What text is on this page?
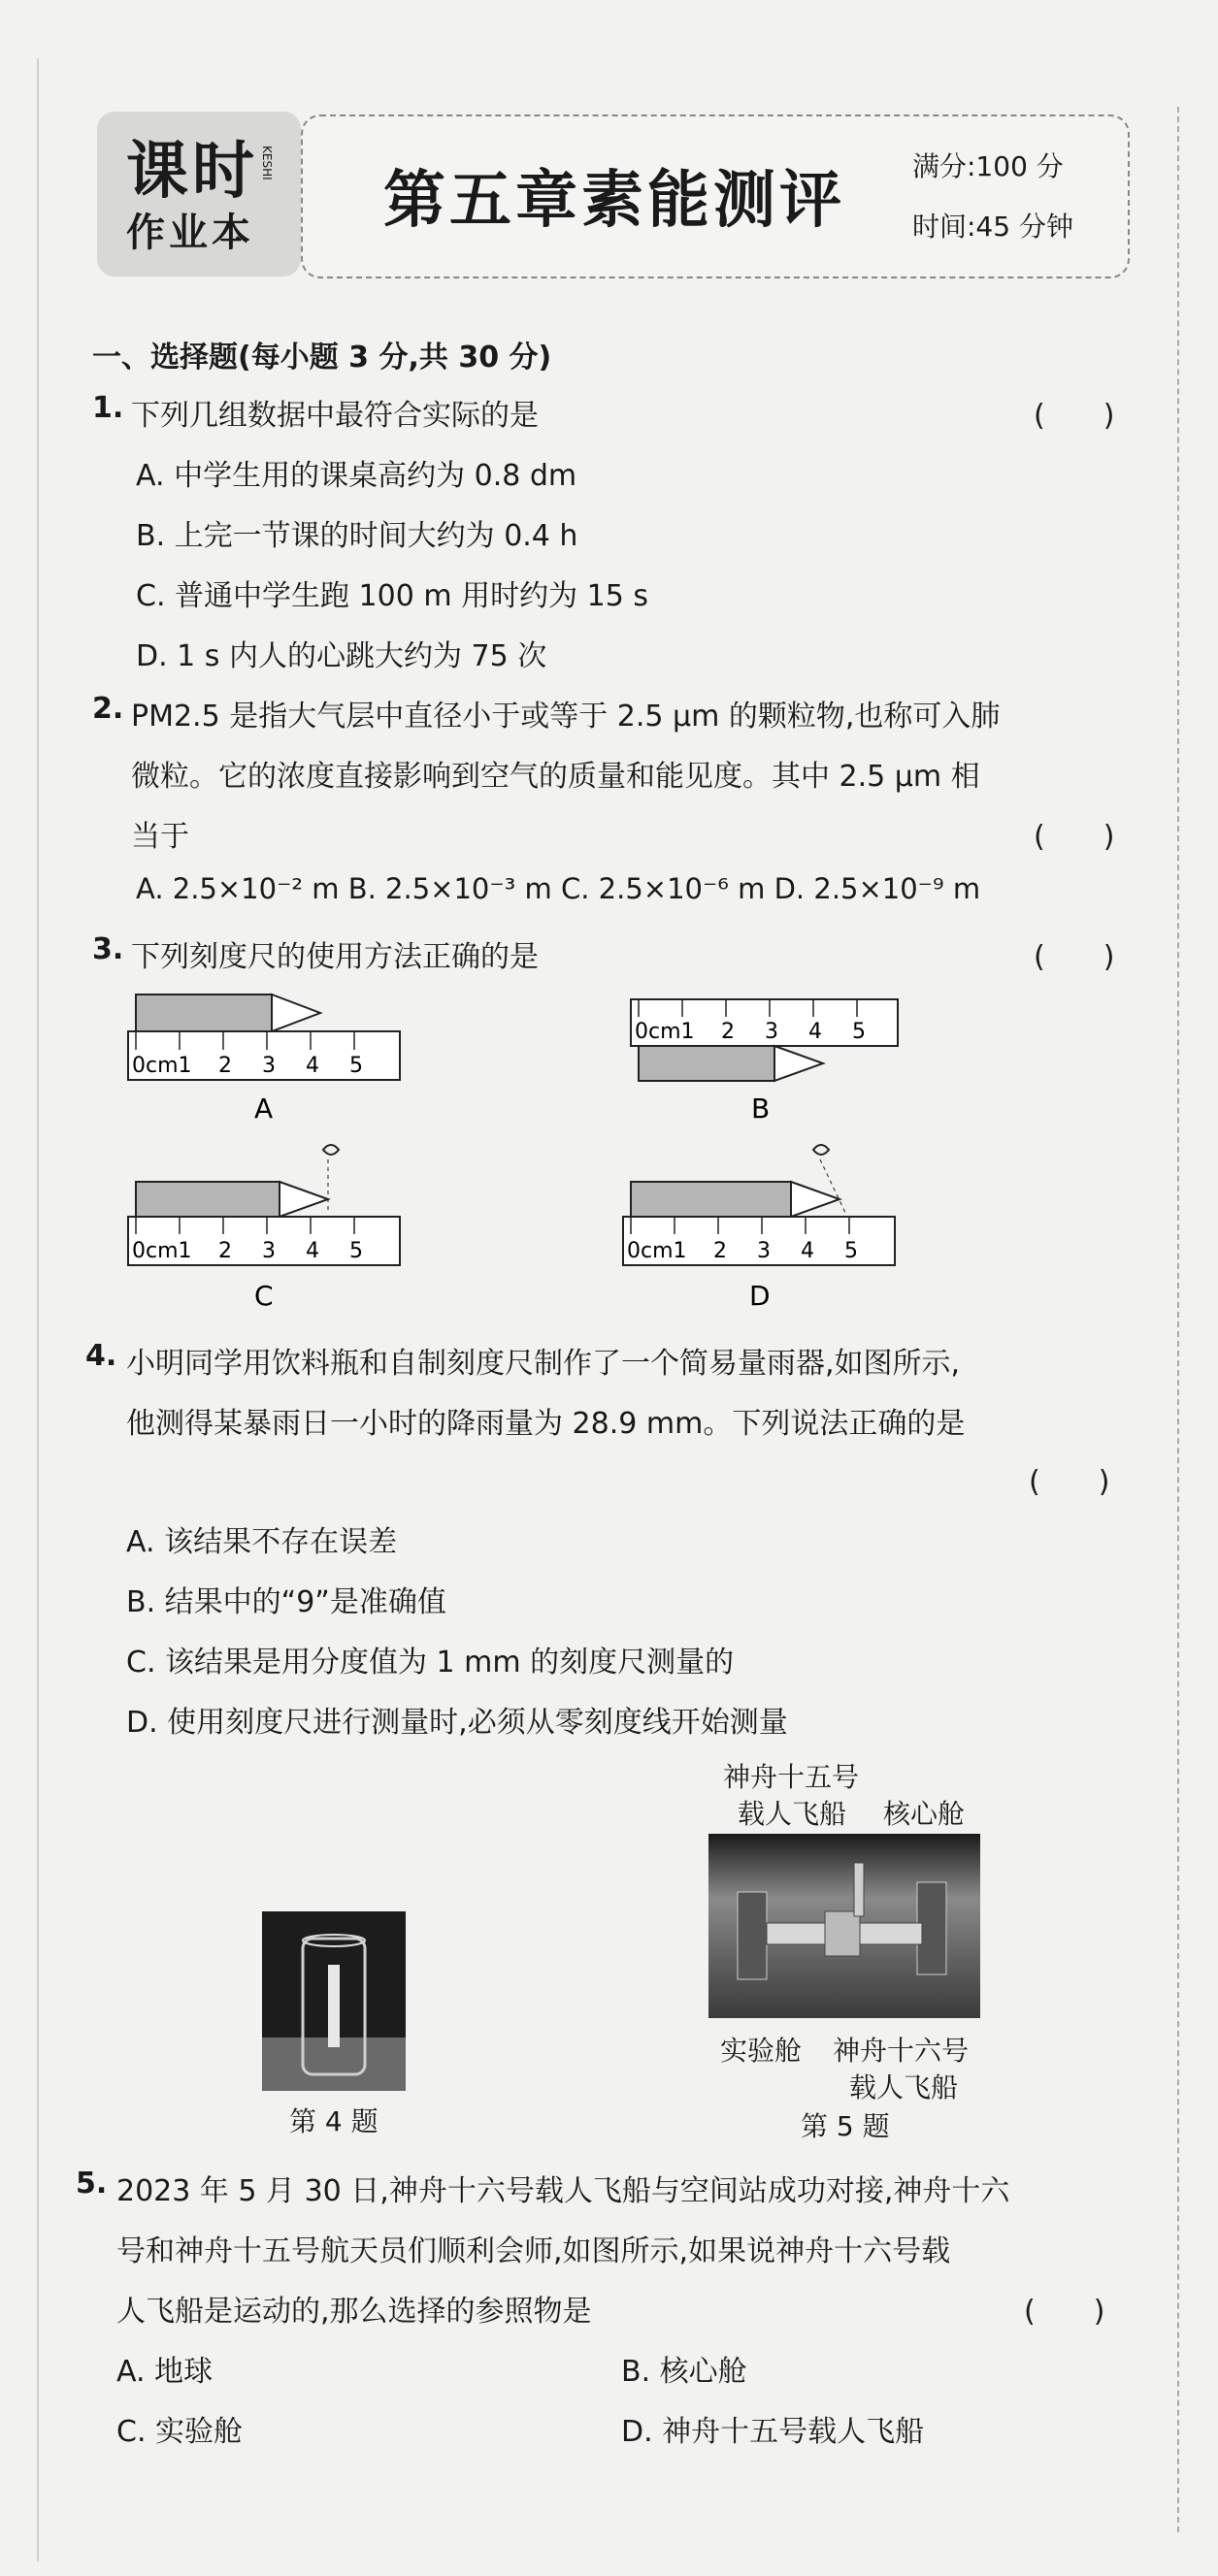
课时
作业本
KESHI
第五章素能测评 满分:100 分
时间:45 分钟
一、选择题(每小题 3 分,共 30 分)
1. 下列几组数据中最符合实际的是	(　　)
A. 中学生用的课桌高约为 0.8 dm
B. 上完一节课的时间大约为 0.4 h
C. 普通中学生跑 100 m 用时约为 15 s
D. 1 s 内人的心跳大约为 75 次
2. PM2.5 是指大气层中直径小于或等于 2.5 μm 的颗粒物,也称可入肺
微粒。它的浓度直接影响到空气的质量和能见度。其中 2.5 μm 相
当于	(　　)
A. 2.5×10⁻² m B. 2.5×10⁻³ m C. 2.5×10⁻⁶ m D. 2.5×10⁻⁹ m
3. 下列刻度尺的使用方法正确的是	(　　)
0cm1 2 3 4 5
A
0cm1 2 3 4 5
B
0cm1 2 3 4 5
C
0cm1 2 3 4 5
D
4. 小明同学用饮料瓶和自制刻度尺制作了一个简易量雨器,如图所示,
他测得某暴雨日一小时的降雨量为 28.9 mm。下列说法正确的是
(　　)
A. 该结果不存在误差
B. 结果中的“9”是准确值
C. 该结果是用分度值为 1 mm 的刻度尺测量的
D. 使用刻度尺进行测量时,必须从零刻度线开始测量
第 4 题
神舟十五号
载人飞船 核心舱
实验舱 神舟十六号
载人飞船
第 5 题
5. 2023 年 5 月 30 日,神舟十六号载人飞船与空间站成功对接,神舟十六
号和神舟十五号航天员们顺利会师,如图所示,如果说神舟十六号载
人飞船是运动的,那么选择的参照物是	(　　)
A. 地球	B. 核心舱
C. 实验舱	D. 神舟十五号载人飞船
